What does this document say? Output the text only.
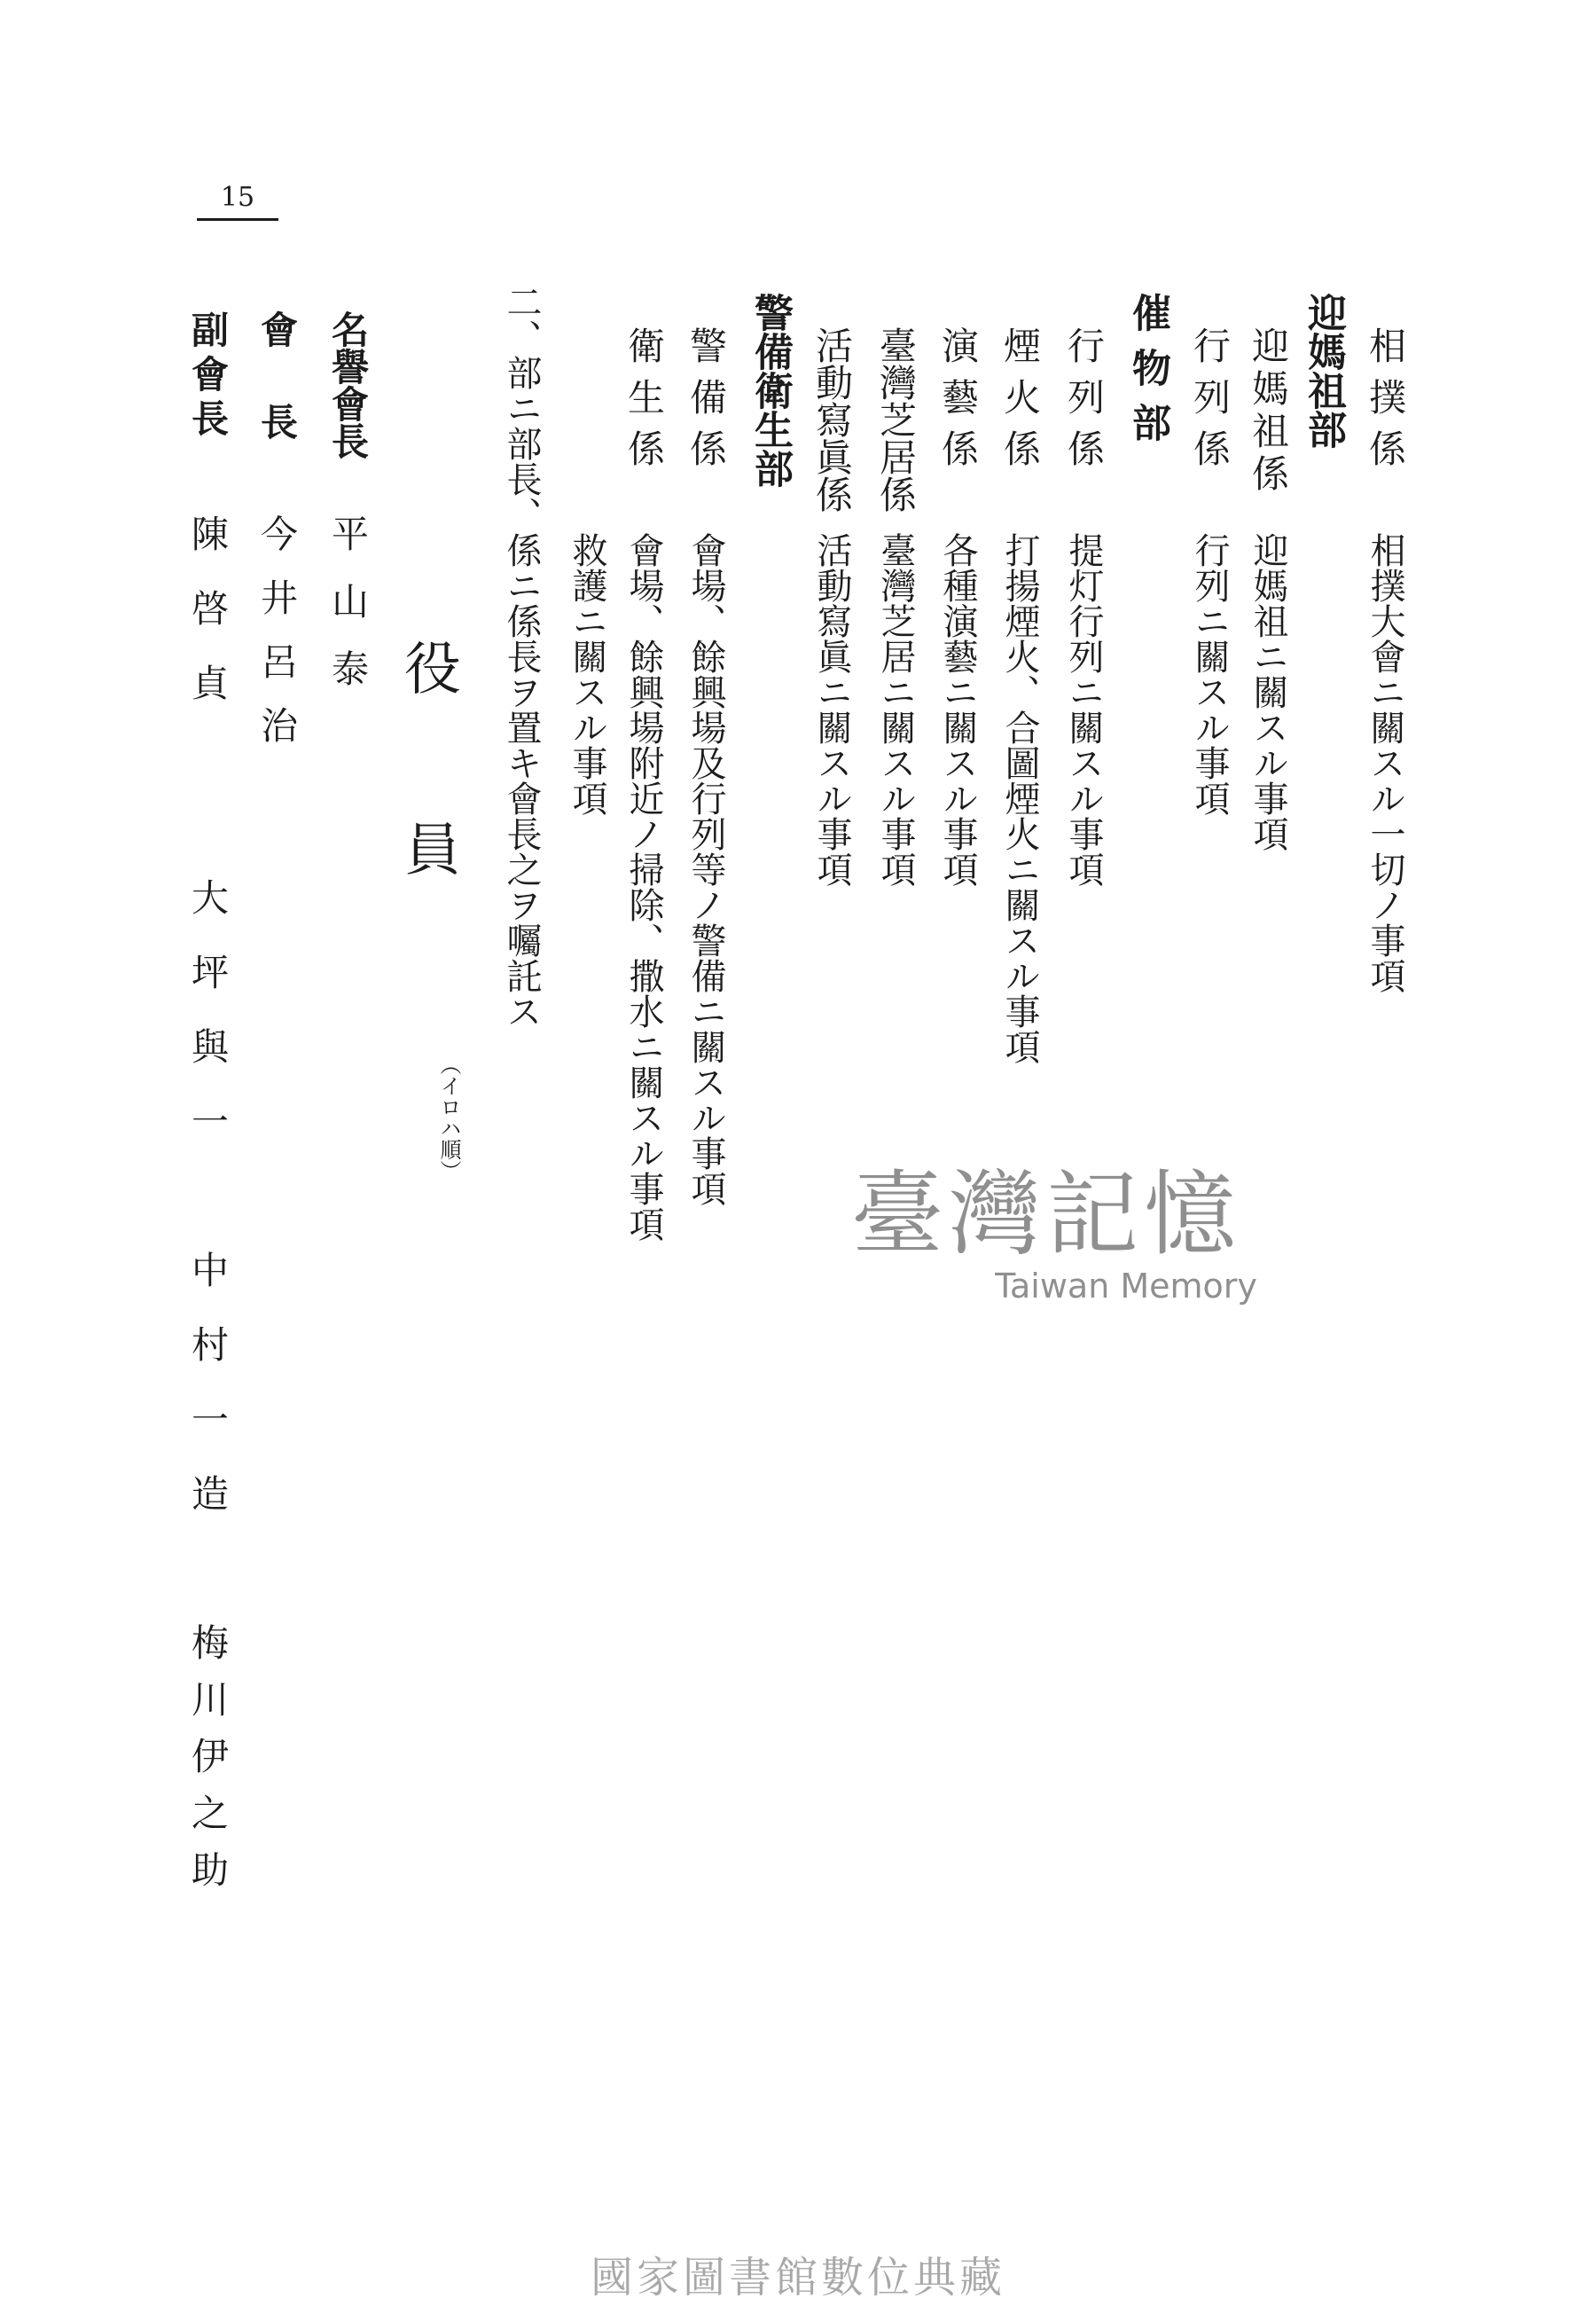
15
相撲係
相撲大會ニ關スル一切ノ事項
迎媽祖部
迎媽祖係
迎媽祖ニ關スル事項
行列係
行列ニ關スル事項
催物部
行列係
提灯行列ニ關スル事項
煙火係
打揚煙火、合圖煙火ニ關スル事項
演藝係
各種演藝ニ關スル事項
臺灣芝居係
臺灣芝居ニ關スル事項
活動寫眞係
活動寫眞ニ關スル事項
警備衛生部
警備係
會場、餘興場及行列等ノ警備ニ關スル事項
衛生係
會場、餘興場附近ノ掃除、撒水ニ關スル事項
救護ニ關スル事項
二、部ニ部長、係ニ係長ヲ置キ會長之ヲ囑託ス
役員
（イロハ順）
名譽會長
平山泰
會長
今井呂治
副會長
陳啓貞
大坪與一
中村一造
梅川伊之助
臺灣記憶
Taiwan Memory
國家圖書館數位典藏
